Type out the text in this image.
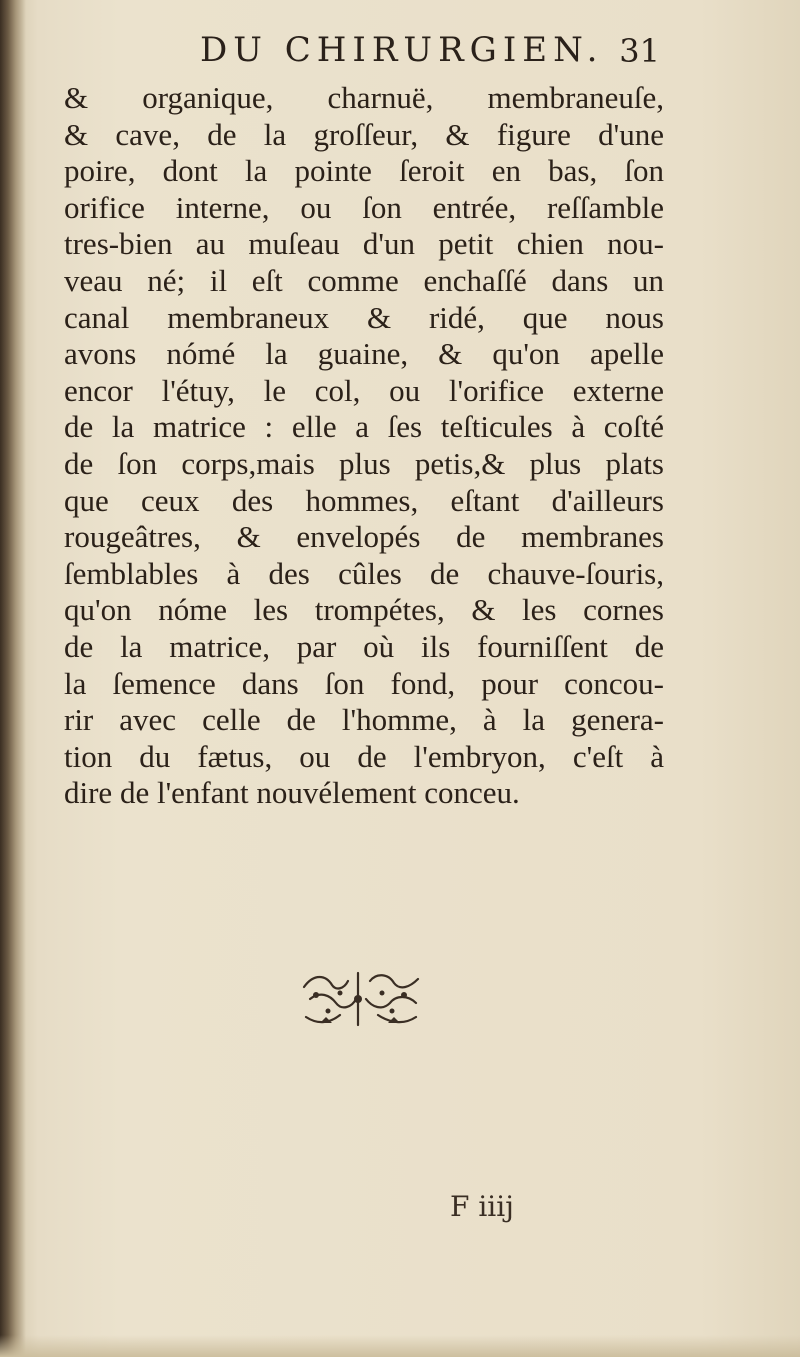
DU CHIRURGIEN. 31
& organique, charnuë, membraneuſe,
& cave, de la groſſeur, & figure d'une
poire, dont la pointe ſeroit en bas, ſon
orifice interne, ou ſon entrée, reſſamble
tres-bien au muſeau d'un petit chien nou-
veau né; il eſt comme enchaſſé dans un
canal membraneux & ridé, que nous
avons nómé la guaine, & qu'on apelle
encor l'étuy, le col, ou l'orifice externe
de la matrice : elle a ſes teſticules à coſté
de ſon corps,mais plus petis,& plus plats
que ceux des hommes, eſtant d'ailleurs
rougeâtres, & envelopés de membranes
ſemblables à des cûles de chauve-ſouris,
qu'on nóme les trompétes, & les cornes
de la matrice, par où ils fourniſſent de
la ſemence dans ſon fond, pour concou-
rir avec celle de l'homme, à la genera-
tion du fætus, ou de l'embryon, c'eſt à
dire de l'enfant nouvélement conceu.
F iiij
